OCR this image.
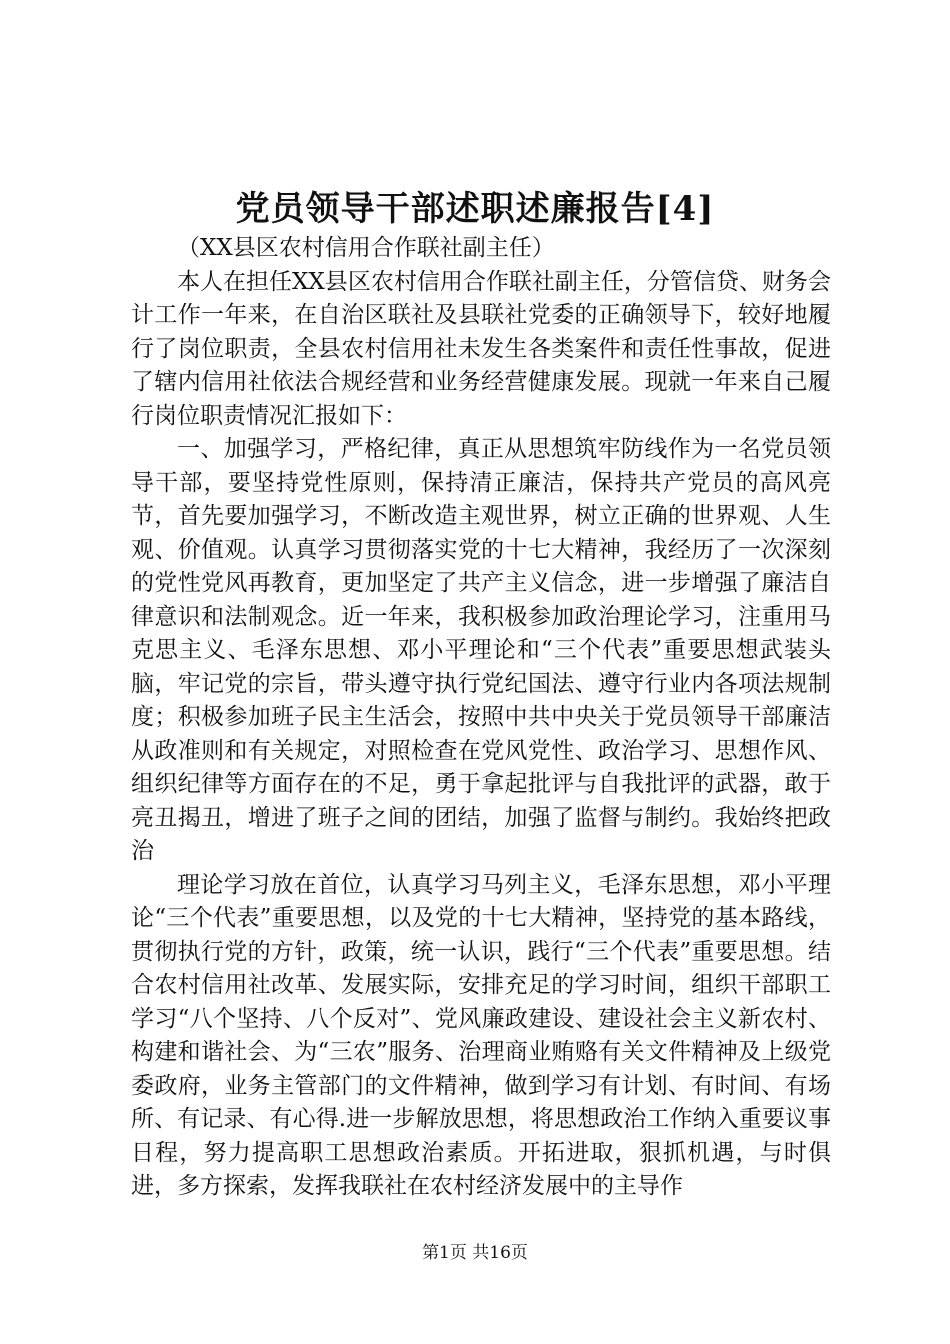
党员领导干部述职述廉报告[4]

（XX县区农村信用合作联社副主任）

本人在担任XX县区农村信用合作联社副主任，分管信贷、财务会计工作一年来，在自治区联社及县联社党委的正确领导下，较好地履行了岗位职责，全县农村信用社未发生各类案件和责任性事故，促进了辖内信用社依法合规经营和业务经营健康发展。现就一年来自己履行岗位职责情况汇报如下：

一、加强学习，严格纪律，真正从思想筑牢防线作为一名党员领导干部，要坚持党性原则，保持清正廉洁，保持共产党员的高风亮节，首先要加强学习，不断改造主观世界，树立正确的世界观、人生观、价值观。认真学习贯彻落实党的十七大精神，我经历了一次深刻的党性党风再教育，更加坚定了共产主义信念，进一步增强了廉洁自律意识和法制观念。近一年来，我积极参加政治理论学习，注重用马克思主义、毛泽东思想、邓小平理论和“三个代表”重要思想武装头脑，牢记党的宗旨，带头遵守执行党纪国法、遵守行业内各项法规制度；积极参加班子民主生活会，按照中共中央关于党员领导干部廉洁从政准则和有关规定，对照检查在党风党性、政治学习、思想作风、组织纪律等方面存在的不足，勇于拿起批评与自我批评的武器，敢于亮丑揭丑，增进了班子之间的团结，加强了监督与制约。我始终把政治

理论学习放在首位，认真学习马列主义，毛泽东思想，邓小平理论“三个代表”重要思想，以及党的十七大精神，坚持党的基本路线，贯彻执行党的方针，政策，统一认识，践行“三个代表”重要思想。结合农村信用社改革、发展实际，安排充足的学习时间，组织干部职工学习“八个坚持、八个反对”、党风廉政建设、建设社会主义新农村、构建和谐社会、为“三农”服务、治理商业贿赂有关文件精神及上级党委政府，业务主管部门的文件精神，做到学习有计划、有时间、有场所、有记录、有心得.进一步解放思想，将思想政治工作纳入重要议事日程，努力提高职工思想政治素质。开拓进取，狠抓机遇，与时俱进，多方探索，发挥我联社在农村经济发展中的主导作

第1页 共16页
